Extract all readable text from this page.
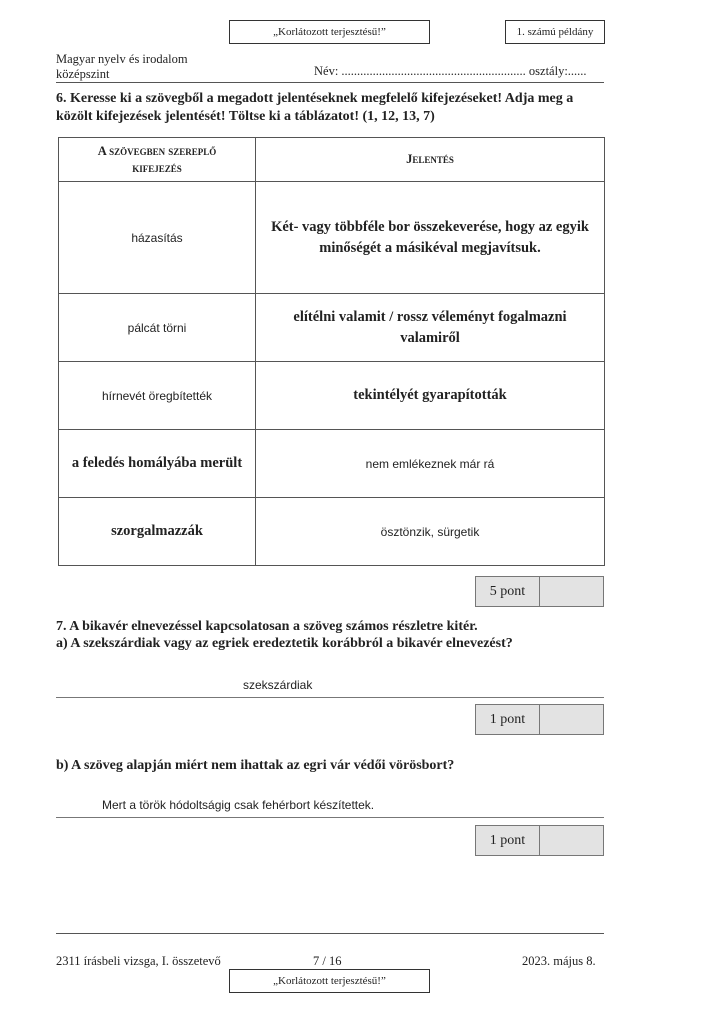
„Korlátozott terjesztésű!”	1. számú példány
Magyar nyelv és irodalom
középszint	Név: ........................................................... osztály:......
6. Keresse ki a szövegből a megadott jelentéseknek megfelelő kifejezéseket! Adja meg a közölt kifejezések jelentését! Töltse ki a táblázatot! (1, 12, 13, 7)
A szövegben szereplő
kifejezés	Jelentés
házasítás	Két- vagy többféle bor összekeverése, hogy az egyik minőségét a másikéval megjavítsuk.
pálcát törni	elítélni valamit / rossz véleményt fogalmazni valamiről
hírnevét öregbítették	tekintélyét gyarapították
a feledés homályába merült	nem emlékeznek már rá
szorgalmazzák	ösztönzik, sürgetik
5 pont
7. A bikavér elnevezéssel kapcsolatosan a szöveg számos részletre kitér.
a) A szekszárdiak vagy az egriek eredeztetik korábbról a bikavér elnevezést?
szekszárdiak
1 pont
b) A szöveg alapján miért nem ihattak az egri vár védői vörösbort?
Mert a török hódoltságig csak fehérbort készítettek.
1 pont
2311 írásbeli vizsga, I. összetevő	7 / 16	2023. május 8.
„Korlátozott terjesztésű!”
